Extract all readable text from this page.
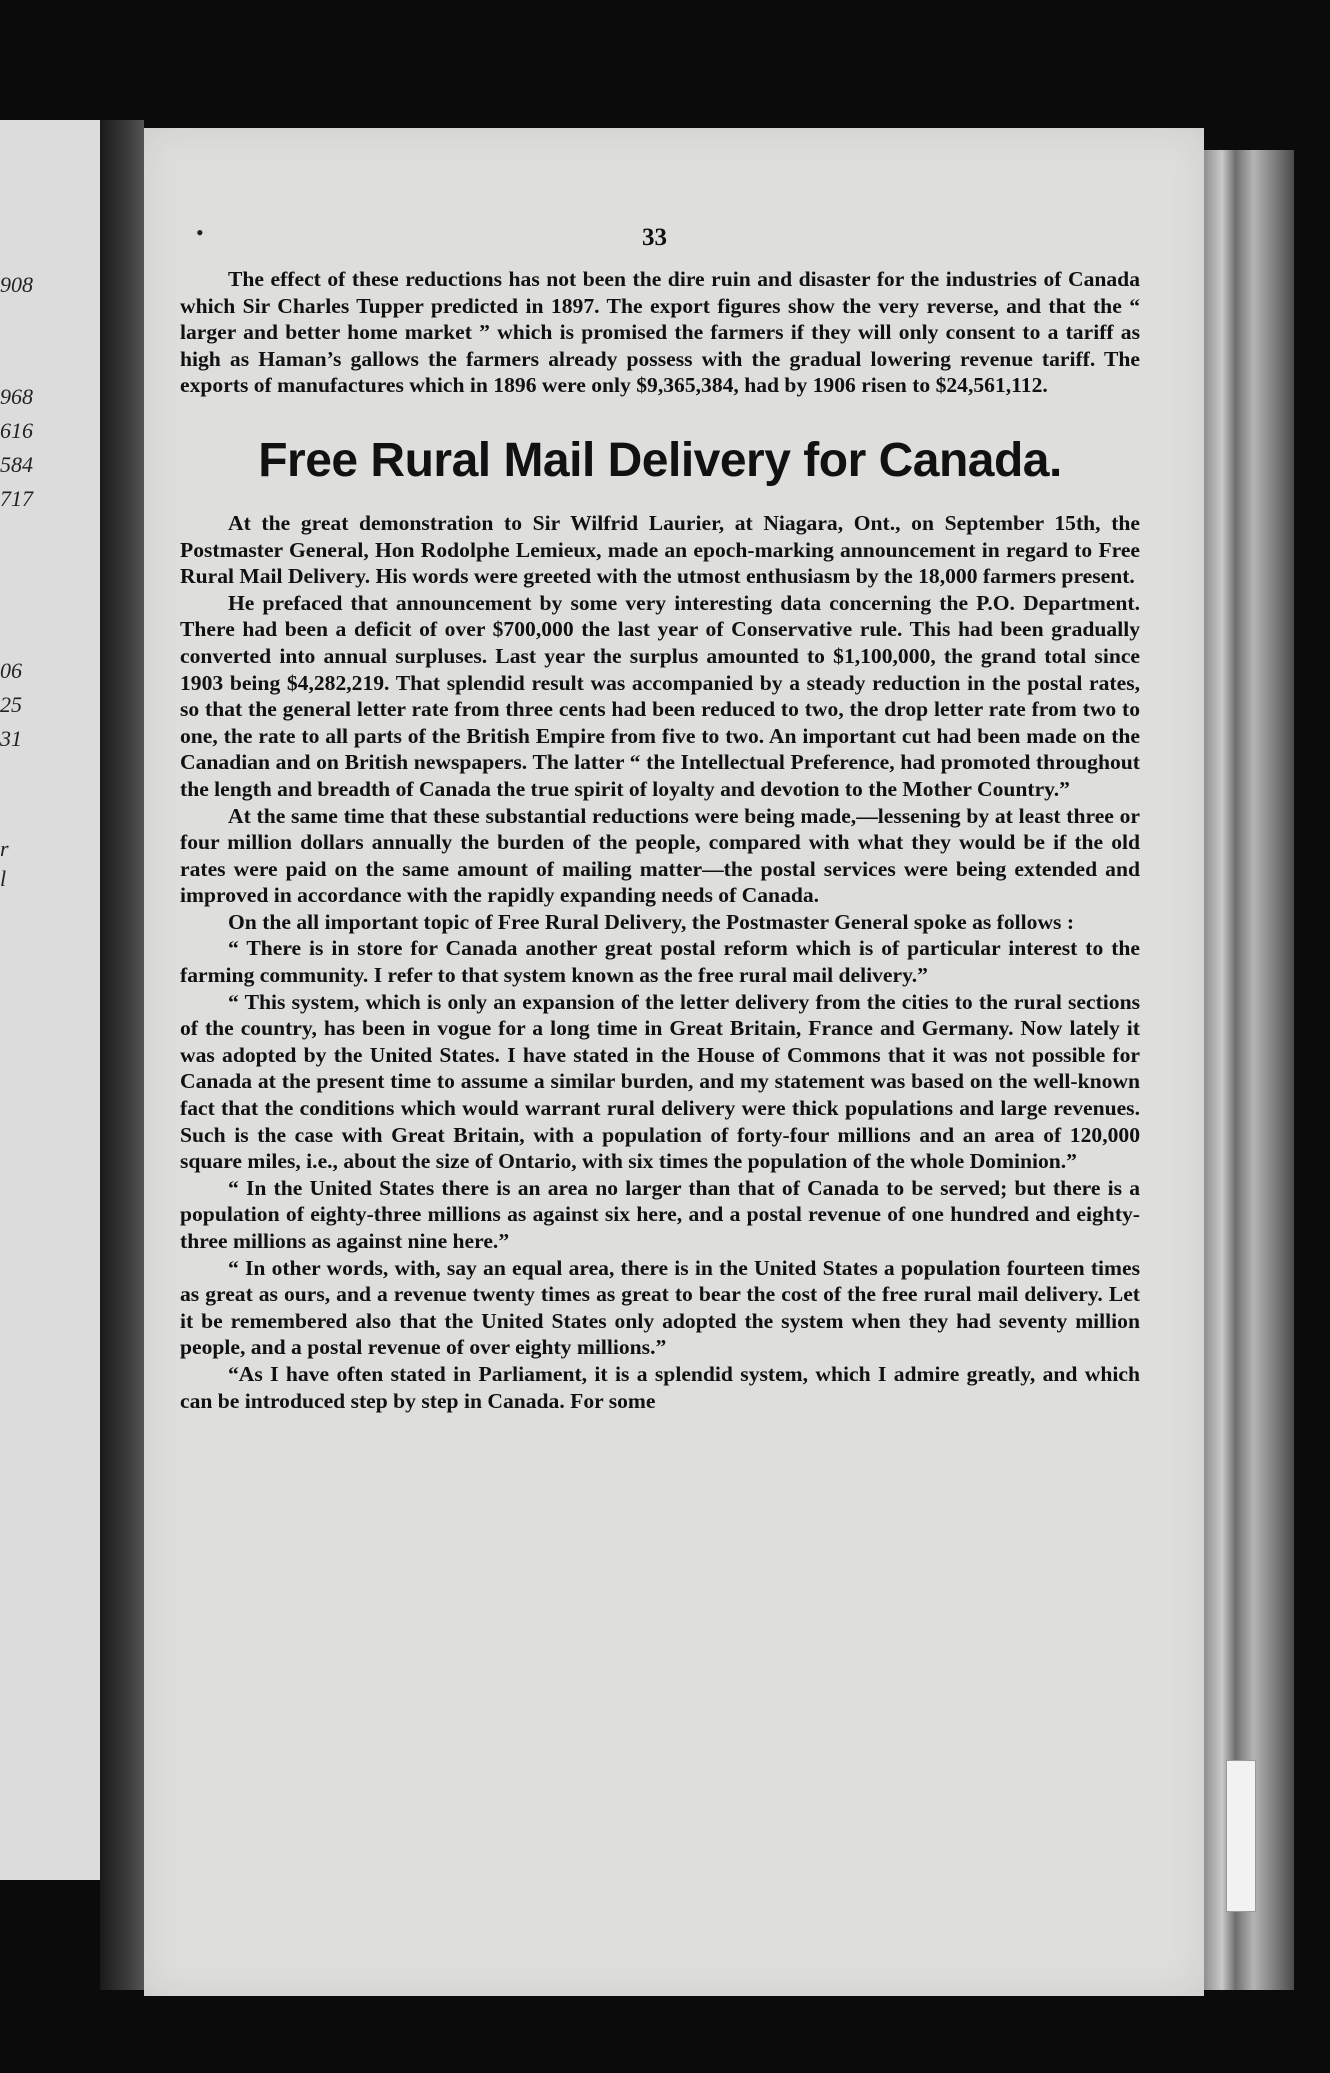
908
968
616
584
717
06
25
31
r
l
•	33

The effect of these reductions has not been the dire ruin and disaster for the industries of Canada which Sir Charles Tupper predicted in 1897. The export figures show the very reverse, and that the “ larger and better home market ” which is promised the farmers if they will only consent to a tariff as high as Haman’s gallows the farmers already possess with the gradual lowering revenue tariff. The exports of manufactures which in 1896 were only $9,365,384, had by 1906 risen to $24,561,112.

Free Rural Mail Delivery for Canada.

At the great demonstration to Sir Wilfrid Laurier, at Niagara, Ont., on September 15th, the Postmaster General, Hon Rodolphe Lemieux, made an epoch-marking announcement in regard to Free Rural Mail Delivery. His words were greeted with the utmost enthusiasm by the 18,000 farmers present.

He prefaced that announcement by some very interesting data concerning the P.O. Department. There had been a deficit of over $700,000 the last year of Conservative rule. This had been gradually converted into annual surpluses. Last year the surplus amounted to $1,100,000, the grand total since 1903 being $4,282,219. That splendid result was accompanied by a steady reduction in the postal rates, so that the general letter rate from three cents had been reduced to two, the drop letter rate from two to one, the rate to all parts of the British Empire from five to two. An important cut had been made on the Canadian and on British newspapers. The latter “ the Intellectual Preference, had promoted throughout the length and breadth of Canada the true spirit of loyalty and devotion to the Mother Country.”

At the same time that these substantial reductions were being made,—lessening by at least three or four million dollars annually the burden of the people, compared with what they would be if the old rates were paid on the same amount of mailing matter—the postal services were being extended and improved in accordance with the rapidly expanding needs of Canada.

On the all important topic of Free Rural Delivery, the Postmaster General spoke as follows :

“ There is in store for Canada another great postal reform which is of particular interest to the farming community. I refer to that system known as the free rural mail delivery.”

“ This system, which is only an expansion of the letter delivery from the cities to the rural sections of the country, has been in vogue for a long time in Great Britain, France and Germany. Now lately it was adopted by the United States. I have stated in the House of Commons that it was not possible for Canada at the present time to assume a similar burden, and my statement was based on the well-known fact that the conditions which would warrant rural delivery were thick populations and large revenues. Such is the case with Great Britain, with a population of forty-four millions and an area of 120,000 square miles, i.e., about the size of Ontario, with six times the population of the whole Dominion.”

“ In the United States there is an area no larger than that of Canada to be served; but there is a population of eighty-three millions as against six here, and a postal revenue of one hundred and eighty-three millions as against nine here.”

“ In other words, with, say an equal area, there is in the United States a population fourteen times as great as ours, and a revenue twenty times as great to bear the cost of the free rural mail delivery. Let it be remembered also that the United States only adopted the system when they had seventy million people, and a postal revenue of over eighty millions.”

“As I have often stated in Parliament, it is a splendid system, which I admire greatly, and which can be introduced step by step in Canada. For some
